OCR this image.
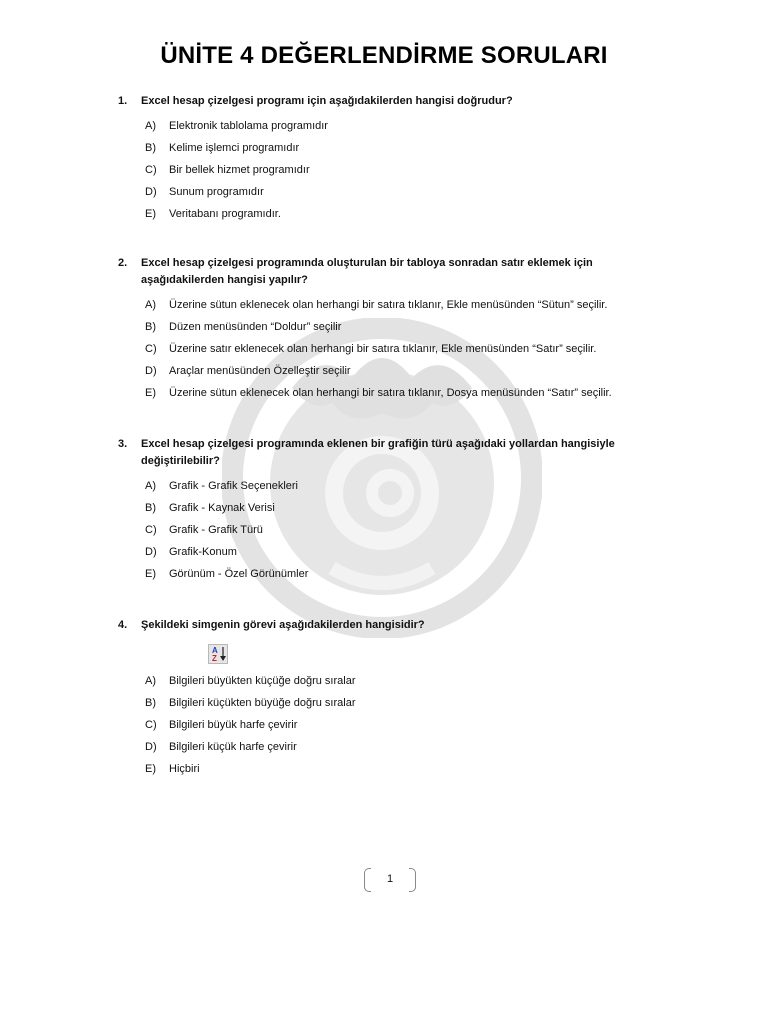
ÜNİTE 4 DEĞERLENDİRME SORULARI
1.	Excel hesap çizelgesi programı için aşağıdakilerden hangisi doğrudur?
A)	Elektronik tablolama programıdır
B)	Kelime işlemci programıdır
C)	Bir bellek hizmet programıdır
D)	Sunum programıdır
E)	Veritabanı programıdır.
2.	Excel hesap çizelgesi programında oluşturulan bir tabloya sonradan satır eklemek için aşağıdakilerden hangisi yapılır?
A)	Üzerine sütun eklenecek olan herhangi bir satıra tıklanır, Ekle menüsünden “Sütun” seçilir.
B)	Düzen menüsünden “Doldur” seçilir
C)	Üzerine satır eklenecek olan herhangi bir satıra tıklanır, Ekle menüsünden “Satır” seçilir.
D)	Araçlar menüsünden Özelleştir seçilir
E)	Üzerine sütun eklenecek olan herhangi bir satıra tıklanır, Dosya menüsünden “Satır” seçilir.
3.	Excel hesap çizelgesi programında eklenen bir grafiğin türü aşağıdaki yollardan hangisiyle değiştirilebilir?
A)	Grafik - Grafik Seçenekleri
B)	Grafik - Kaynak Verisi
C)	Grafik - Grafik Türü
D)	Grafik-Konum
E)	Görünüm - Özel Görünümler
4.	Şekildeki simgenin görevi aşağıdakilerden hangisidir?
A
Z
A)	Bilgileri büyükten küçüğe doğru sıralar
B)	Bilgileri küçükten büyüğe doğru sıralar
C)	Bilgileri büyük harfe çevirir
D)	Bilgileri küçük harfe çevirir
E)	Hiçbiri
1
